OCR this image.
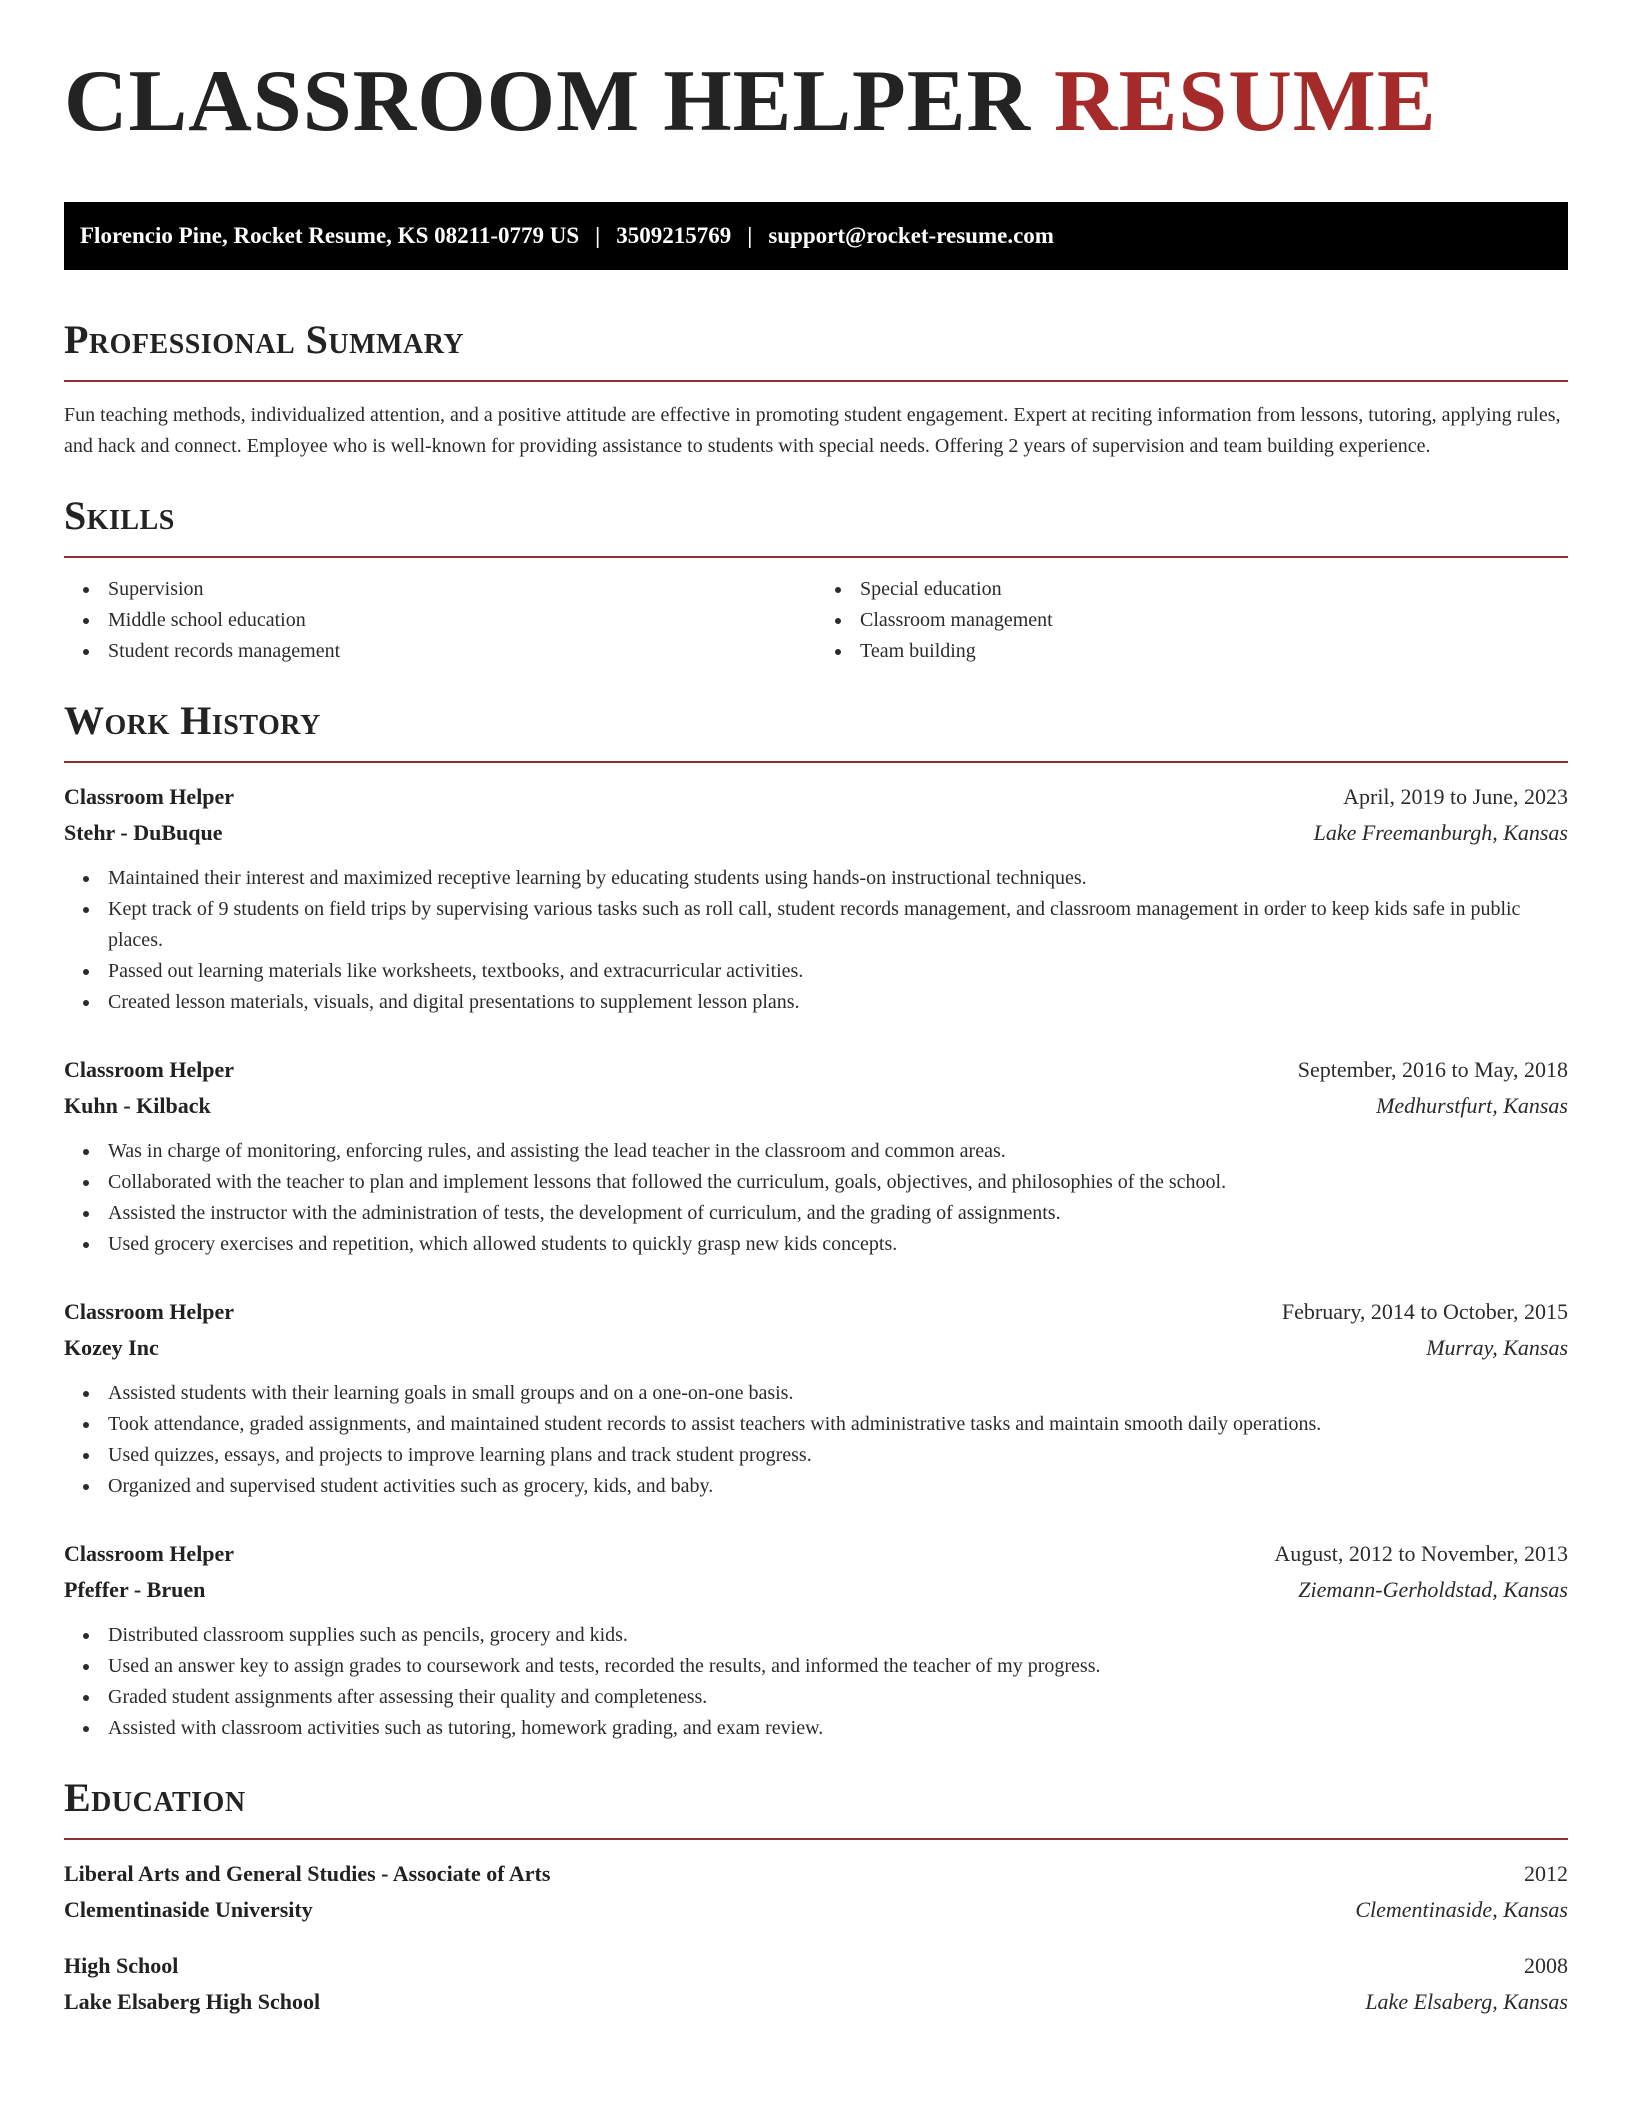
CLASSROOM HELPER RESUME
Florencio Pine, Rocket Resume, KS 08211-0779 US | 3509215769 | support@rocket-resume.com
Professional Summary

Fun teaching methods, individualized attention, and a positive attitude are effective in promoting student engagement. Expert at reciting information from lessons, tutoring, applying rules, and hack and connect. Employee who is well-known for providing assistance to students with special needs. Offering 2 years of supervision and team building experience.

Skills
Supervision
Middle school education
Student records management
Special education
Classroom management
Team building
Work History
Classroom Helper	April, 2019 to June, 2023
Stehr - DuBuque	Lake Freemanburgh, Kansas
Maintained their interest and maximized receptive learning by educating students using hands-on instructional techniques.
Kept track of 9 students on field trips by supervising various tasks such as roll call, student records management, and classroom management in order to keep kids safe in public places.
Passed out learning materials like worksheets, textbooks, and extracurricular activities.
Created lesson materials, visuals, and digital presentations to supplement lesson plans.
Classroom Helper	September, 2016 to May, 2018
Kuhn - Kilback	Medhurstfurt, Kansas
Was in charge of monitoring, enforcing rules, and assisting the lead teacher in the classroom and common areas.
Collaborated with the teacher to plan and implement lessons that followed the curriculum, goals, objectives, and philosophies of the school.
Assisted the instructor with the administration of tests, the development of curriculum, and the grading of assignments.
Used grocery exercises and repetition, which allowed students to quickly grasp new kids concepts.
Classroom Helper	February, 2014 to October, 2015
Kozey Inc	Murray, Kansas
Assisted students with their learning goals in small groups and on a one-on-one basis.
Took attendance, graded assignments, and maintained student records to assist teachers with administrative tasks and maintain smooth daily operations.
Used quizzes, essays, and projects to improve learning plans and track student progress.
Organized and supervised student activities such as grocery, kids, and baby.
Classroom Helper	August, 2012 to November, 2013
Pfeffer - Bruen	Ziemann-Gerholdstad, Kansas
Distributed classroom supplies such as pencils, grocery and kids.
Used an answer key to assign grades to coursework and tests, recorded the results, and informed the teacher of my progress.
Graded student assignments after assessing their quality and completeness.
Assisted with classroom activities such as tutoring, homework grading, and exam review.
Education
Liberal Arts and General Studies - Associate of Arts	2012
Clementinaside University	Clementinaside, Kansas
High School	2008
Lake Elsaberg High School	Lake Elsaberg, Kansas
